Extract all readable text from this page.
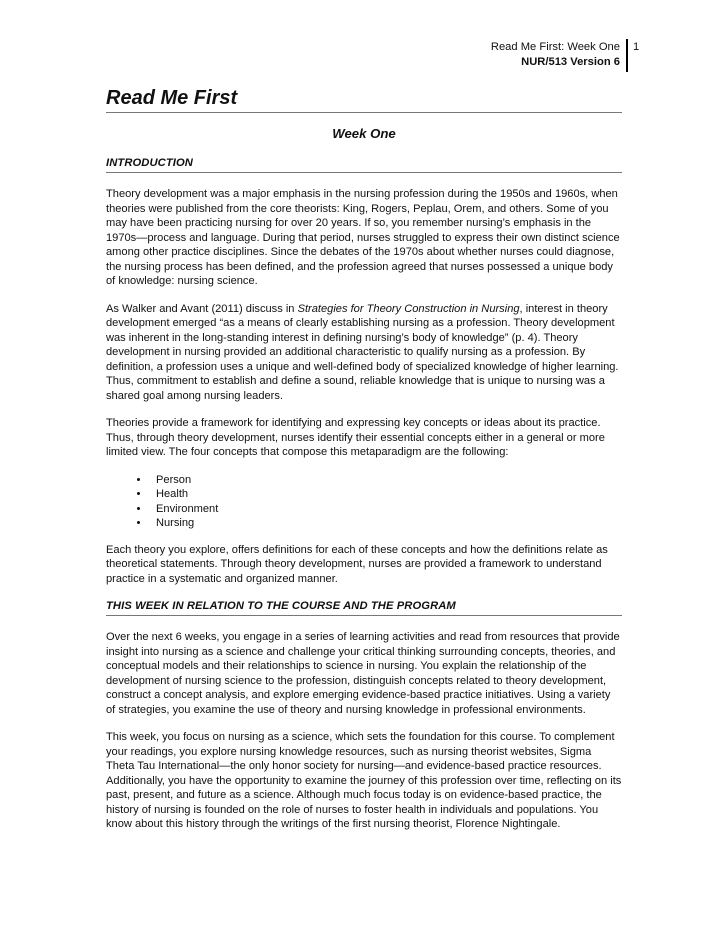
Read Me First: Week One
NUR/513 Version 6
1
Read Me First
Week One
INTRODUCTION

Theory development was a major emphasis in the nursing profession during the 1950s and 1960s, when theories were published from the core theorists: King, Rogers, Peplau, Orem, and others. Some of you may have been practicing nursing for over 20 years. If so, you remember nursing’s emphasis in the 1970s—process and language. During that period, nurses struggled to express their own distinct science among other practice disciplines. Since the debates of the 1970s about whether nurses could diagnose, the nursing process has been defined, and the profession agreed that nurses possessed a unique body of knowledge: nursing science.

As Walker and Avant (2011) discuss in Strategies for Theory Construction in Nursing, interest in theory development emerged “as a means of clearly establishing nursing as a profession. Theory development was inherent in the long-standing interest in defining nursing’s body of knowledge” (p. 4). Theory development in nursing provided an additional characteristic to qualify nursing as a profession. By definition, a profession uses a unique and well-defined body of specialized knowledge of higher learning. Thus, commitment to establish and define a sound, reliable knowledge that is unique to nursing was a shared goal among nursing leaders.

Theories provide a framework for identifying and expressing key concepts or ideas about its practice. Thus, through theory development, nurses identify their essential concepts either in a general or more limited view. The four concepts that compose this metaparadigm are the following:

• Person
• Health
• Environment
• Nursing

Each theory you explore, offers definitions for each of these concepts and how the definitions relate as theoretical statements. Through theory development, nurses are provided a framework to understand practice in a systematic and organized manner.

THIS WEEK IN RELATION TO THE COURSE AND THE PROGRAM

Over the next 6 weeks, you engage in a series of learning activities and read from resources that provide insight into nursing as a science and challenge your critical thinking surrounding concepts, theories, and conceptual models and their relationships to science in nursing. You explain the relationship of the development of nursing science to the profession, distinguish concepts related to theory development, construct a concept analysis, and explore emerging evidence-based practice initiatives. Using a variety of strategies, you examine the use of theory and nursing knowledge in professional environments.

This week, you focus on nursing as a science, which sets the foundation for this course. To complement your readings, you explore nursing knowledge resources, such as nursing theorist websites, Sigma Theta Tau International—the only honor society for nursing—and evidence-based practice resources. Additionally, you have the opportunity to examine the journey of this profession over time, reflecting on its past, present, and future as a science. Although much focus today is on evidence-based practice, the history of nursing is founded on the role of nurses to foster health in individuals and populations. You know about this history through the writings of the first nursing theorist, Florence Nightingale.
